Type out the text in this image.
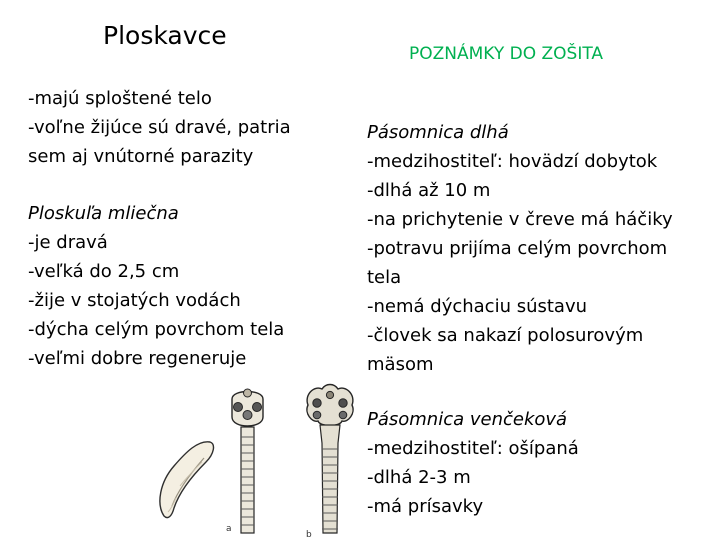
Ploskavce
-majú sploštené telo
-voľne žijúce sú dravé, patria
sem aj vnútorné parazity
Ploskuľa mliečna
-je dravá
-veľká do 2,5 cm
-žije v stojatých vodách
-dýcha celým povrchom tela
-veľmi dobre regeneruje
POZNÁMKY DO ZOŠITA
Pásomnica dlhá
-medzihostiteľ: hovädzí dobytok
-dlhá až 10 m
-na prichytenie v čreve má háčiky
-potravu prijíma celým povrchom
tela
-nemá dýchaciu sústavu
-človek sa nakazí polosurovým
mäsom
Pásomnica venčeková
-medzihostiteľ: ošípaná
-dlhá 2-3 m
-má prísavky
a
b
